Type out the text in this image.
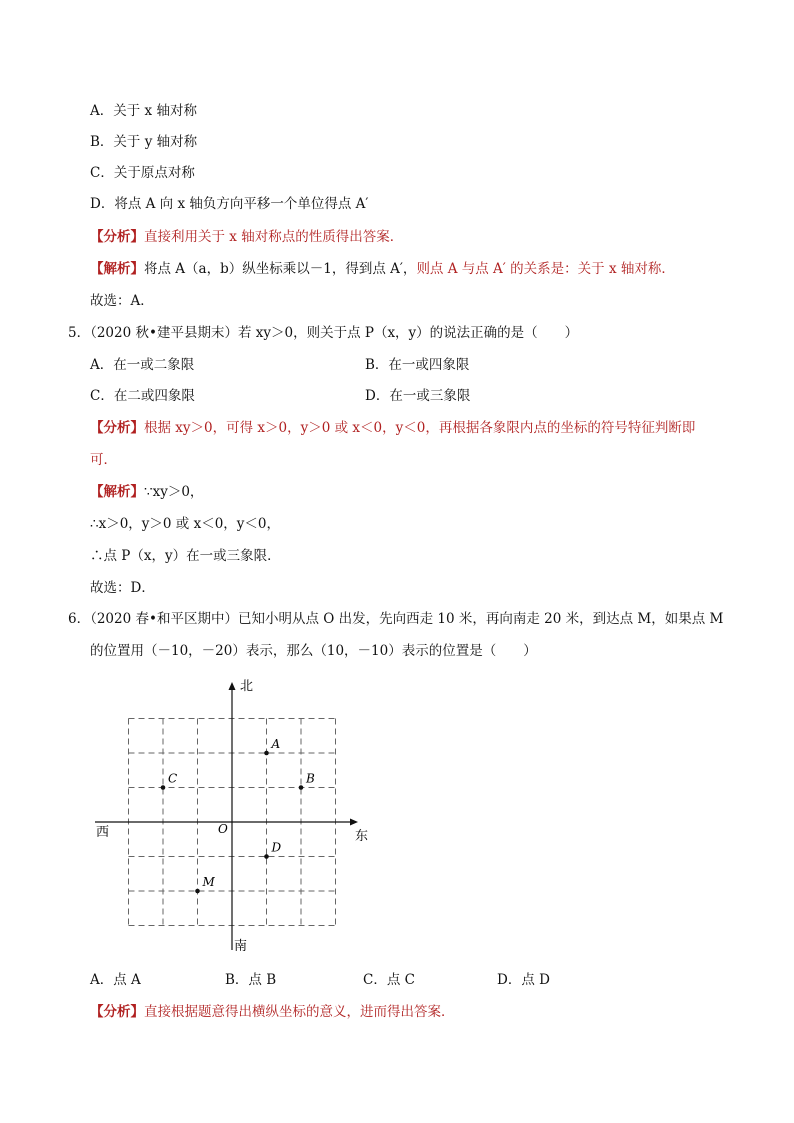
A．关于 x 轴对称
B．关于 y 轴对称
C．关于原点对称
D．将点 A 向 x 轴负方向平移一个单位得点 A′
【分析】直接利用关于 x 轴对称点的性质得出答案．
【解析】将点 A（a，b）纵坐标乘以－1，得到点 A′，则点 A 与点 A′ 的关系是：关于 x 轴对称．
故选：A．
5．（2020 秋•建平县期末）若 xy＞0，则关于点 P（x，y）的说法正确的是（　　）
A．在一或二象限	B．在一或四象限
C．在二或四象限	D．在一或三象限
【分析】根据 xy＞0，可得 x＞0，y＞0 或 x＜0，y＜0，再根据各象限内点的坐标的符号特征判断即
可．
【解析】∵xy＞0，
∴x＞0，y＞0 或 x＜0，y＜0，
∴点 P（x，y）在一或三象限．
故选：D．
6．（2020 春•和平区期中）已知小明从点 O 出发，先向西走 10 米，再向南走 20 米，到达点 M，如果点 M
的位置用（－10，－20）表示，那么（10，－10）表示的位置是（　　）
北
南
东
西	O
A
B
C
D
M
A．点 A	B．点 B	C．点 C	D．点 D
【分析】直接根据题意得出横纵坐标的意义，进而得出答案．
